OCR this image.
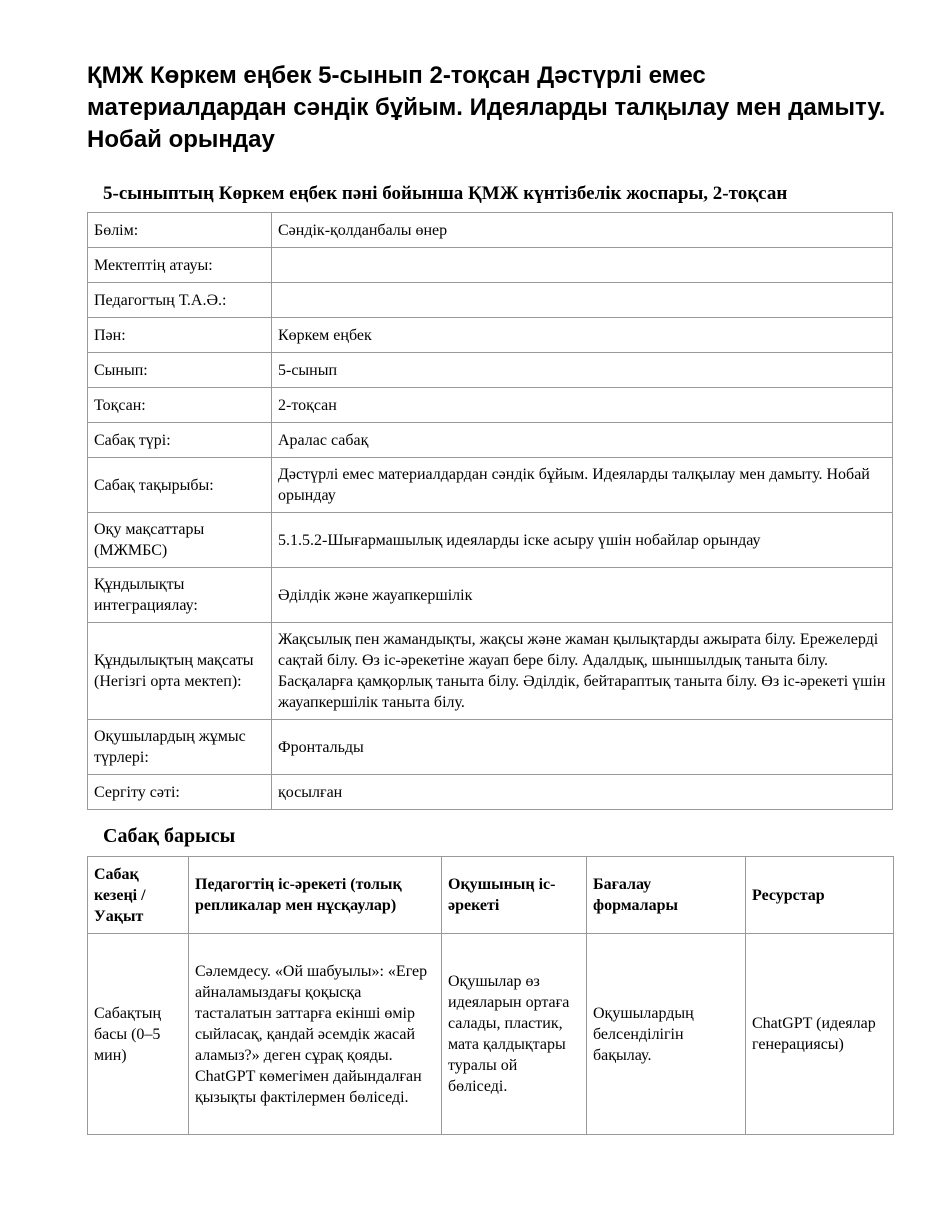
ҚМЖ Көркем еңбек 5-сынып 2-тоқсан Дәстүрлі емес материалдардан сәндік бұйым. Идеяларды талқылау мен дамыту. Нобай орындау
5-сыныптың Көркем еңбек пәні бойынша ҚМЖ күнтізбелік жоспары, 2-тоқсан
Бөлім:	Сәндік-қолданбалы өнер
Мектептің атауы:	
Педагогтың Т.А.Ә.:	
Пән:	Көркем еңбек
Сынып:	5-сынып
Тоқсан:	2-тоқсан
Сабақ түрі:	Аралас сабақ
Сабақ тақырыбы:	Дәстүрлі емес материалдардан сәндік бұйым. Идеяларды талқылау мен дамыту. Нобай орындау
Оқу мақсаттары (МЖМБС)	5.1.5.2-Шығармашылық идеяларды іске асыру үшін нобайлар орындау
Құндылықты интеграциялау:	Әділдік және жауапкершілік
Құндылықтың мақсаты (Негізгі орта мектеп):	Жақсылық пен жамандықты, жақсы және жаман қылықтарды ажырата білу. Ережелерді сақтай білу. Өз іс-әрекетіне жауап бере білу. Адалдық, шыншылдық таныта білу. Басқаларға қамқорлық таныта білу. Әділдік, бейтараптық таныта білу. Өз іс-әрекеті үшін жауапкершілік таныта білу.
Оқушылардың жұмыс түрлері:	Фронтальды
Сергіту сәті:	қосылған
Сабақ барысы
Сабақ кезеңі / Уақыт	Педагогтің іс-әрекеті (толық репликалар мен нұсқаулар)	Оқушының іс-әрекеті	Бағалау формалары	Ресурстар
Сабақтың басы (0–5 мин)	Сәлемдесу. «Ой шабуылы»: «Егер айналамыздағы қоқысқа тасталатын заттарға екінші өмір сыйласақ, қандай әсемдік жасай аламыз?» деген сұрақ қояды. ChatGPT көмегімен дайындалған қызықты фактілермен бөліседі.	Оқушылар өз идеяларын ортаға салады, пластик, мата қалдықтары туралы ой бөліседі.	Оқушылардың белсенділігін бақылау.	ChatGPT (идеялар генерациясы)
